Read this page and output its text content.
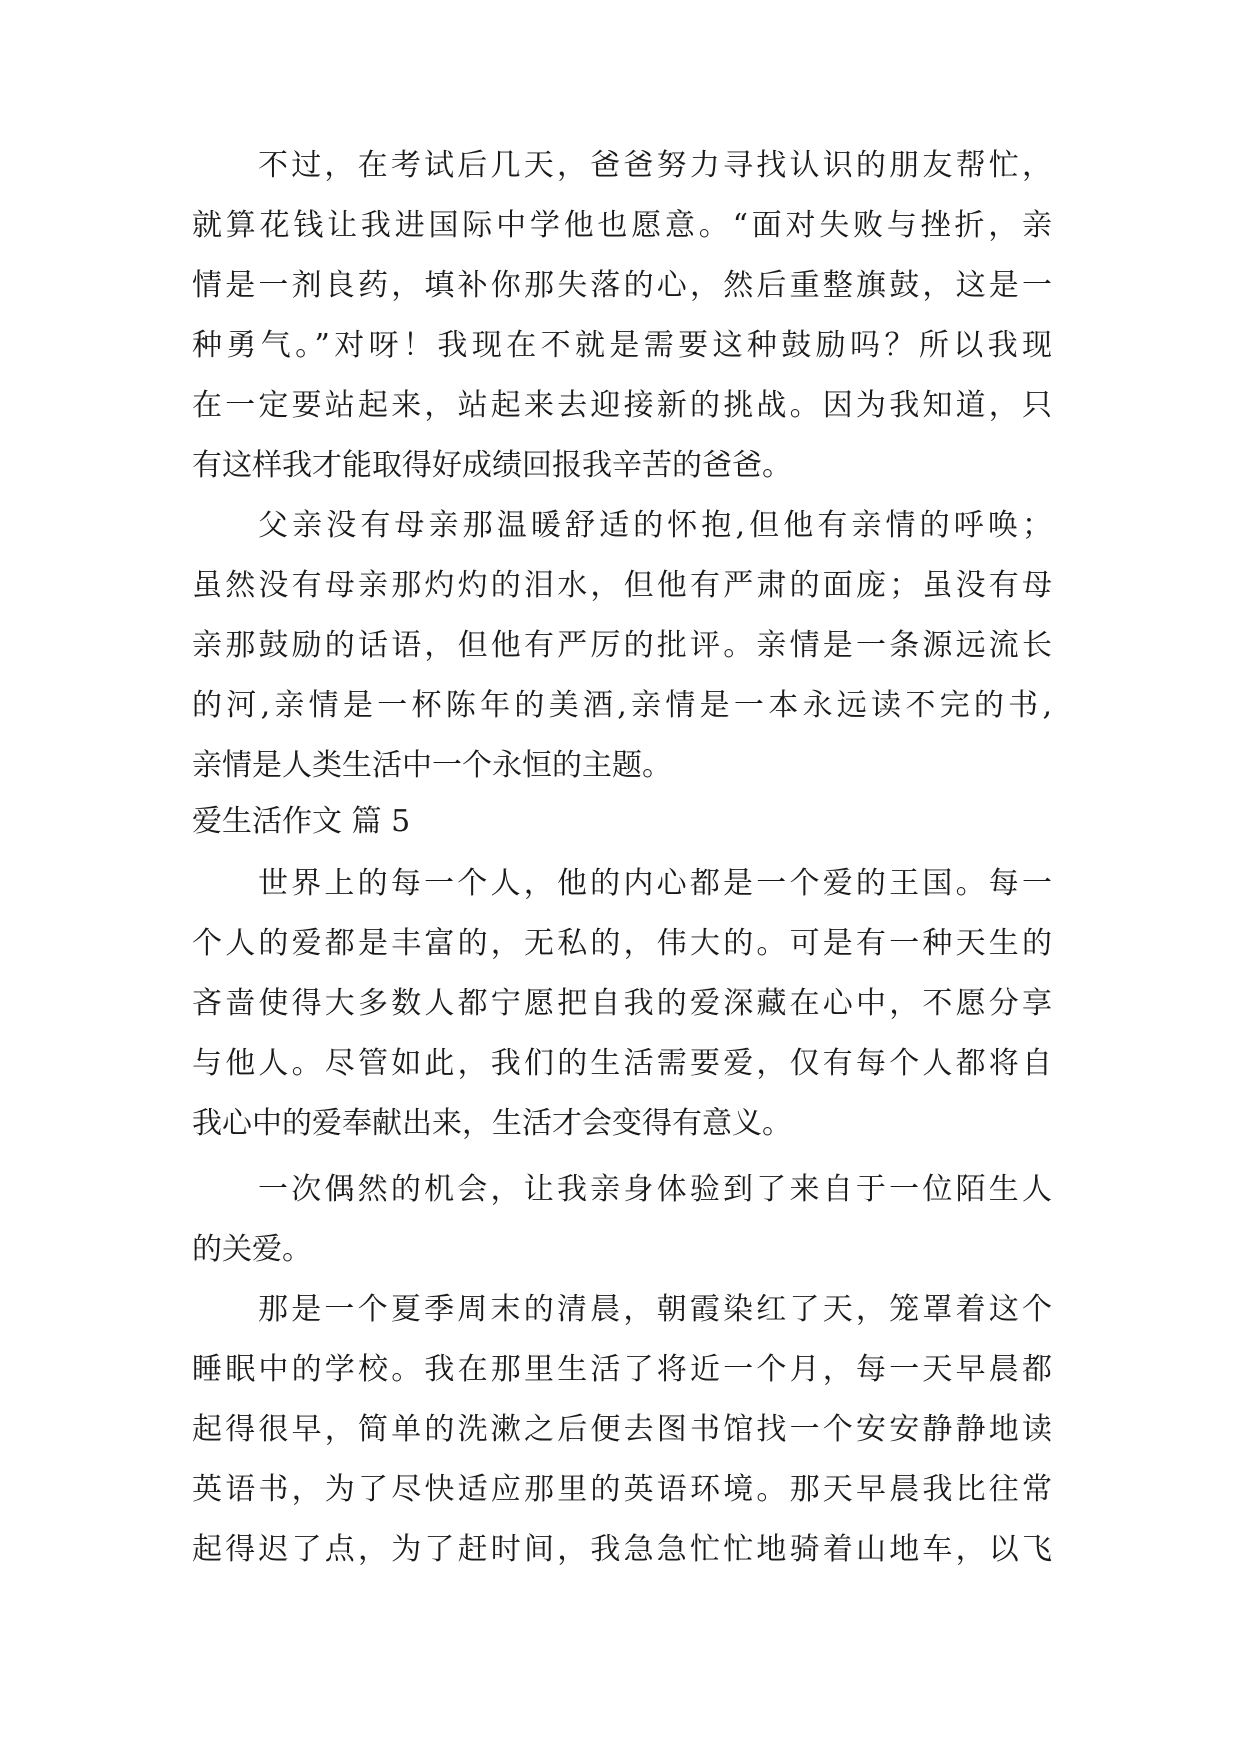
不过，在考试后几天，爸爸努力寻找认识的朋友帮忙，
就算花钱让我进国际中学他也愿意。“面对失败与挫折，亲
情是一剂良药，填补你那失落的心，然后重整旗鼓，这是一
种勇气。”对呀！我现在不就是需要这种鼓励吗？所以我现
在一定要站起来，站起来去迎接新的挑战。因为我知道，只
有这样我才能取得好成绩回报我辛苦的爸爸。
父亲没有母亲那温暖舒适的怀抱,但他有亲情的呼唤；
虽然没有母亲那灼灼的泪水，但他有严肃的面庞；虽没有母
亲那鼓励的话语，但他有严厉的批评。亲情是一条源远流长
的河,亲情是一杯陈年的美酒,亲情是一本永远读不完的书,
亲情是人类生活中一个永恒的主题。
爱生活作文 篇 5
世界上的每一个人，他的内心都是一个爱的王国。每一
个人的爱都是丰富的，无私的，伟大的。可是有一种天生的
吝啬使得大多数人都宁愿把自我的爱深藏在心中，不愿分享
与他人。尽管如此，我们的生活需要爱，仅有每个人都将自
我心中的爱奉献出来，生活才会变得有意义。
一次偶然的机会，让我亲身体验到了来自于一位陌生人
的关爱。
那是一个夏季周末的清晨，朝霞染红了天，笼罩着这个
睡眠中的学校。我在那里生活了将近一个月，每一天早晨都
起得很早，简单的洗漱之后便去图书馆找一个安安静静地读
英语书，为了尽快适应那里的英语环境。那天早晨我比往常
起得迟了点，为了赶时间，我急急忙忙地骑着山地车，以飞
